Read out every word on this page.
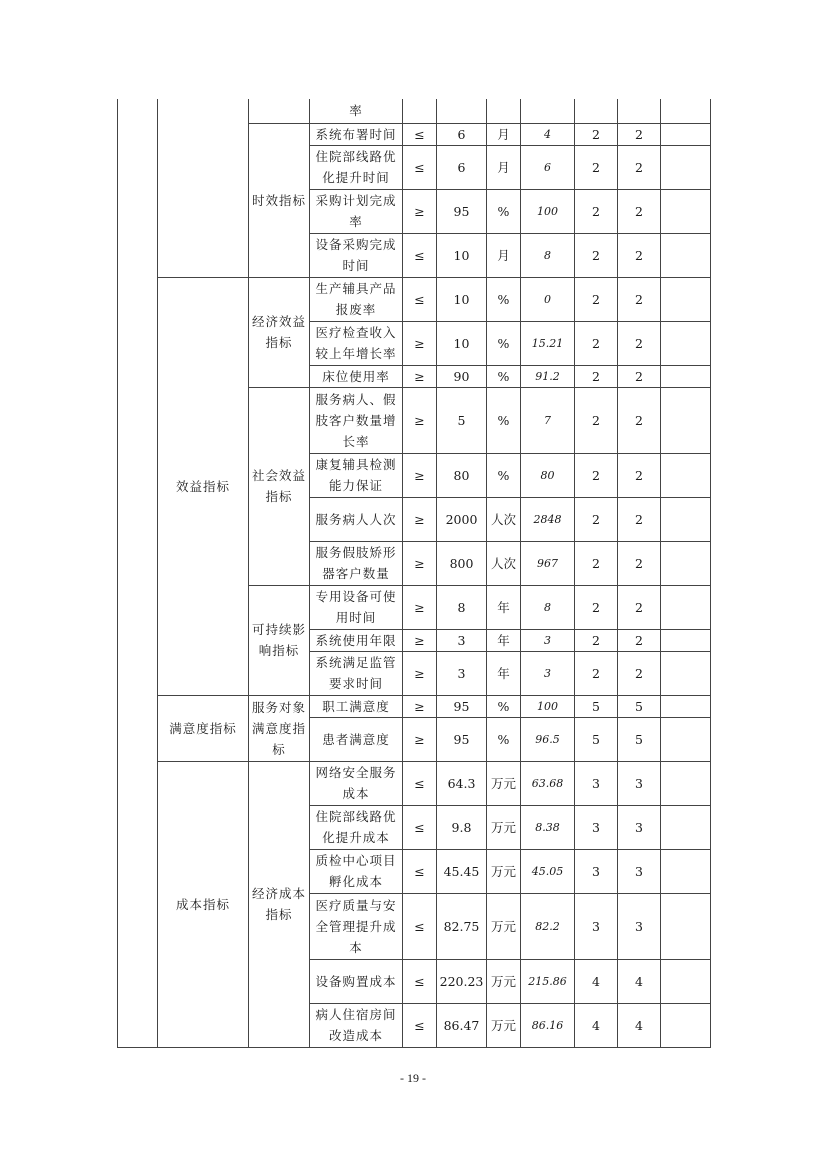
			率							
		时效指标	系统布署时间	≤	6	月	4	2	2	
			住院部线路优化提升时间	≤	6	月	6	2	2	
			采购计划完成率	≥	95	%	100	2	2	
			设备采购完成时间	≤	10	月	8	2	2	
	效益指标	经济效益指标	生产辅具产品报废率	≤	10	%	0	2	2	
			医疗检查收入较上年增长率	≥	10	%	15.21	2	2	
			床位使用率	≥	90	%	91.2	2	2	
		社会效益指标	服务病人、假肢客户数量增长率	≥	5	%	7	2	2	
			康复辅具检测能力保证	≥	80	%	80	2	2	
			服务病人人次	≥	2000	人次	2848	2	2	
			服务假肢矫形器客户数量	≥	800	人次	967	2	2	
		可持续影响指标	专用设备可使用时间	≥	8	年	8	2	2	
			系统使用年限	≥	3	年	3	2	2	
			系统满足监管要求时间	≥	3	年	3	2	2	
	满意度指标	服务对象满意度指标	职工满意度	≥	95	%	100	5	5	
			患者满意度	≥	95	%	96.5	5	5	
	成本指标	经济成本指标	网络安全服务成本	≤	64.3	万元	63.68	3	3	
			住院部线路优化提升成本	≤	9.8	万元	8.38	3	3	
			质检中心项目孵化成本	≤	45.45	万元	45.05	3	3	
			医疗质量与安全管理提升成本	≤	82.75	万元	82.2	3	3	
			设备购置成本	≤	220.23	万元	215.86	4	4	
			病人住宿房间改造成本	≤	86.47	万元	86.16	4	4	
- 19 -
